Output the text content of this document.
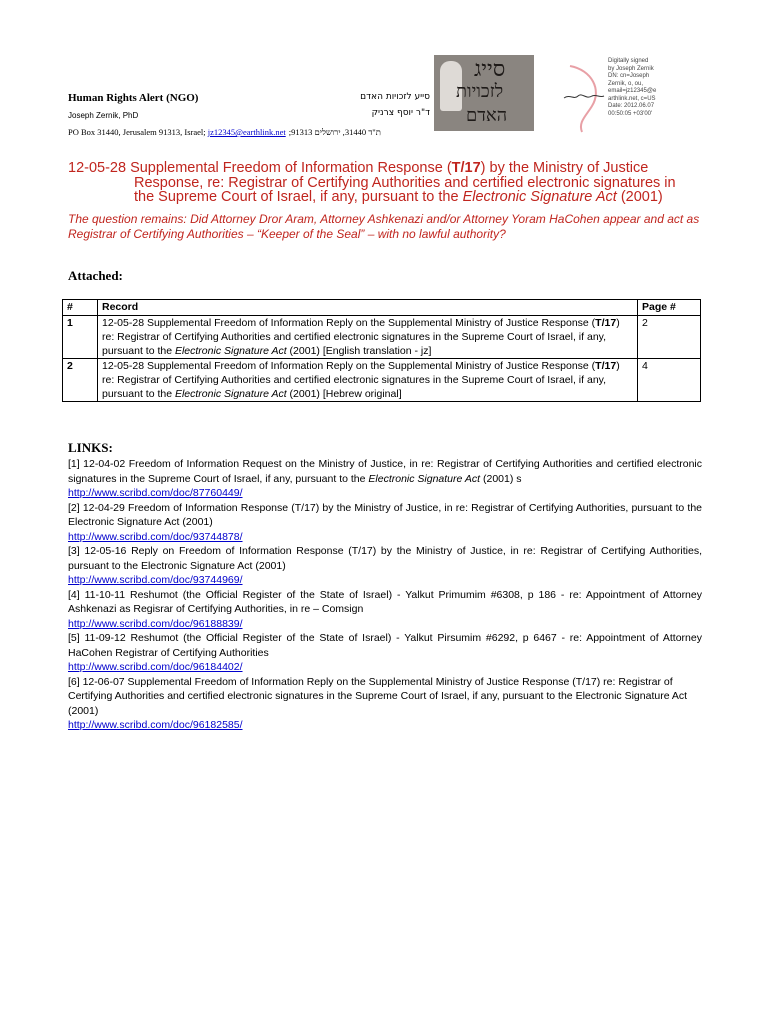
Human Rights Alert (NGO)
Joseph Zernik, PhD
PO Box 31440, Jerusalem 91313, Israel; jz12345@earthlink.net ת"ד 31440, ירושלים 91313;
סייע לזכויות האדם
ד"ר יוסף צרניק
סייג
לזכויות
האדם
Digitally signed
by Joseph Zernik
DN: cn=Joseph
Zernik, o, ou,
email=jz12345@e
arthlink.net, c=US
Date: 2012.06.07
00:50:05 +03'00'
12-05-28 Supplemental Freedom of Information Response (T/17) by the Ministry of Justice
Response, re: Registrar of Certifying Authorities and certified electronic signatures in
the Supreme Court of Israel, if any, pursuant to the Electronic Signature Act (2001)
The question remains: Did Attorney Dror Aram, Attorney Ashkenazi and/or Attorney Yoram HaCohen appear and act as Registrar of Certifying Authorities – “Keeper of the Seal” – with no lawful authority?
Attached:
#	Record	Page #
1	12-05-28 Supplemental Freedom of Information Reply on the Supplemental Ministry of Justice Response (T/17) re: Registrar of Certifying Authorities and certified electronic signatures in the Supreme Court of Israel, if any, pursuant to the Electronic Signature Act (2001) [English translation - jz]	2
2	12-05-28 Supplemental Freedom of Information Reply on the Supplemental Ministry of Justice Response (T/17) re: Registrar of Certifying Authorities and certified electronic signatures in the Supreme Court of Israel, if any, pursuant to the Electronic Signature Act (2001) [Hebrew original]	4
LINKS:
[1] 12-04-02 Freedom of Information Request on the Ministry of Justice, in re: Registrar of Certifying Authorities and certified electronic signatures in the Supreme Court of Israel, if any, pursuant to the Electronic Signature Act (2001) s
http://www.scribd.com/doc/87760449/
[2] 12-04-29 Freedom of Information Response (T/17) by the Ministry of Justice, in re: Registrar of Certifying Authorities, pursuant to the Electronic Signature Act (2001)
http://www.scribd.com/doc/93744878/
[3] 12-05-16 Reply on Freedom of Information Response (T/17) by the Ministry of Justice, in re: Registrar of Certifying Authorities, pursuant to the Electronic Signature Act (2001)
http://www.scribd.com/doc/93744969/
[4] 11-10-11 Reshumot (the Official Register of the State of Israel) - Yalkut Primumim #6308, p 186 - re: Appointment of Attorney Ashkenazi as Regisrar of Certifying Authorities, in re – Comsign
http://www.scribd.com/doc/96188839/
[5] 11-09-12 Reshumot (the Official Register of the State of Israel) - Yalkut Pirsumim #6292, p 6467 - re: Appointment of Attorney HaCohen Registrar of Certifying Authorities
http://www.scribd.com/doc/96184402/
[6] 12-06-07 Supplemental Freedom of Information Reply on the Supplemental Ministry of Justice Response (T/17) re: Registrar of Certifying Authorities and certified electronic signatures in the Supreme Court of Israel, if any, pursuant to the Electronic Signature Act (2001)
http://www.scribd.com/doc/96182585/
